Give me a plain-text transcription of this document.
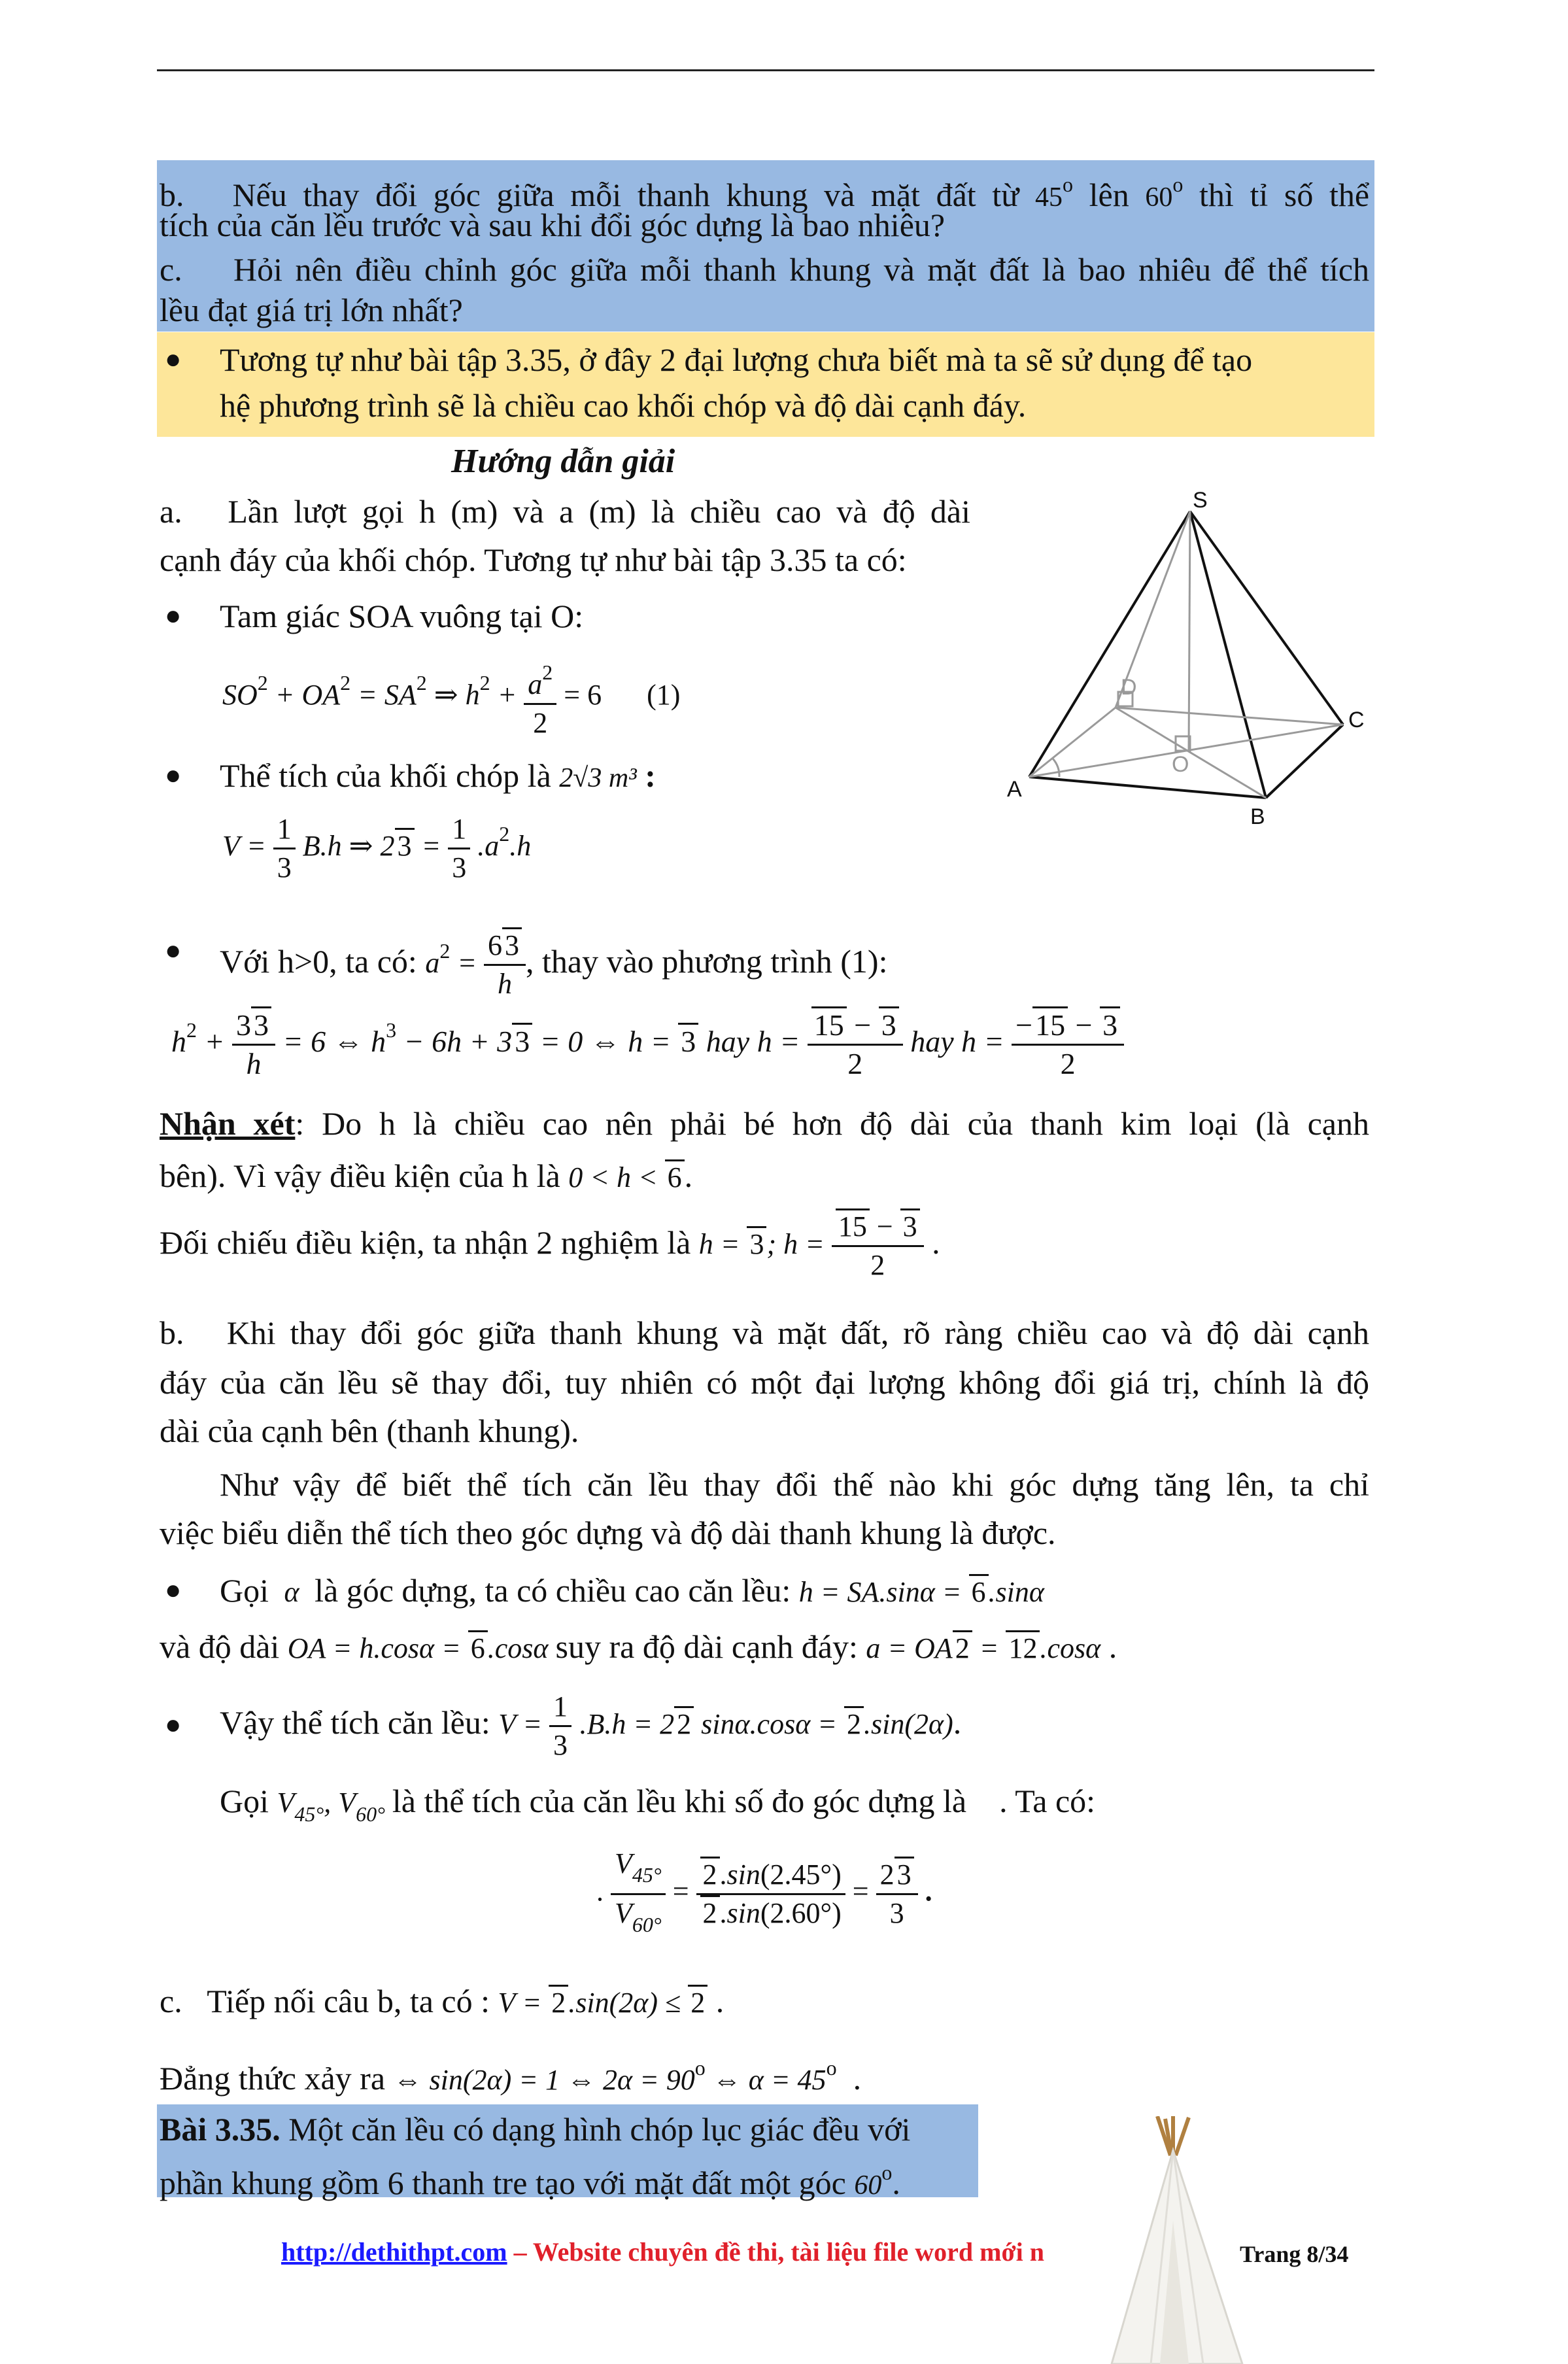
b. Nếu thay đổi góc giữa mỗi thanh khung và mặt đất từ 45$^o$ lên 60$^o$ thì tỉ số thể
tích của căn lều trước và sau khi đổi góc dựng là bao nhiêu?
c. Hỏi nên điều chỉnh góc giữa mỗi thanh khung và mặt đất là bao nhiêu để thể tích
lều đạt giá trị lớn nhất?
● Tương tự như bài tập 3.35, ở đây 2 đại lượng chưa biết mà ta sẽ sử dụng để tạo
hệ phương trình sẽ là chiều cao khối chóp và độ dài cạnh đáy.
Hướng dẫn giải
a. Lần lượt gọi h (m) và a (m) là chiều cao và độ dài
cạnh đáy của khối chóp. Tương tự như bài tập 3.35 ta có:
● Tam giác SOA vuông tại O:
$SO^2 + OA^2 = SA^2$ ⇒ $h^2 + \frac{a^2}{2} = 6$ (1)
● Thể tích của khối chóp là 2√3 m³ :
$V = \frac{1}{3} B.h$ ⇒ $23 = \frac{1}{3} .a^2.h$
● Với h>0, ta có: $a^2 = \frac{63}{h}$ , thay vào phương trình (1):
$h^2 + \frac{33}{h} = 6$ ⇔ $h^3 - 6h + 33 = 0$ ⇔ h = 3 hay $h = \frac{15 - 3}{2}$ hay $h = \frac{-15 - 3}{2}$
Nhận xét: Do h là chiều cao nên phải bé hơn độ dài của thanh kim loại (là cạnh
bên). Vì vậy điều kiện của h là 0 < h < 6.
Đối chiếu điều kiện, ta nhận 2 nghiệm là h = 3; $h = \frac{15 - 3}{2}$ .
b. Khi thay đổi góc giữa thanh khung và mặt đất, rõ ràng chiều cao và độ dài cạnh
đáy của căn lều sẽ thay đổi, tuy nhiên có một đại lượng không đổi giá trị, chính là độ
dài của cạnh bên (thanh khung).
Như vậy để biết thể tích căn lều thay đổi thế nào khi góc dựng tăng lên, ta chỉ
việc biểu diễn thể tích theo góc dựng và độ dài thanh khung là được.
● Gọi  α  là góc dựng, ta có chiều cao căn lều: h = SA.sinα = 6.sinα
và độ dài OA = h.cosα = 6.cosα suy ra độ dài cạnh đáy: a = OA2 = 12.cosα .
● Vậy thể tích căn lều: $V = \frac{1}{3} .B.h = 22$ sinα.cosα = 2.sin(2α).
Gọi $V_{45^\circ}$, $V_{60^\circ}$ là thể tích của căn lều khi số đo góc dựng là . Ta có:
. $\frac{V_{45^\circ}}{V_{60^\circ}} = \frac{2.\sin(2.45^\circ)}{2.\sin(2.60^\circ)} = \frac{23}{3}$ .
c. Tiếp nối câu b, ta có : V = 2.sin(2α) ≤ 2 .
Đẳng thức xảy ra ⇔ sin(2α) = 1 ⇔ $2\alpha = 90^o$ ⇔ $\alpha = 45^o$  .
Bài 3.35. Một căn lều có dạng hình chóp lục giác đều với
phần khung gồm 6 thanh tre tạo với mặt đất một góc 60$^o$.
S
D
C
O
A
B
http://dethithpt.com – Website chuyên đề thi, tài liệu file word mới n	Trang 8/34
